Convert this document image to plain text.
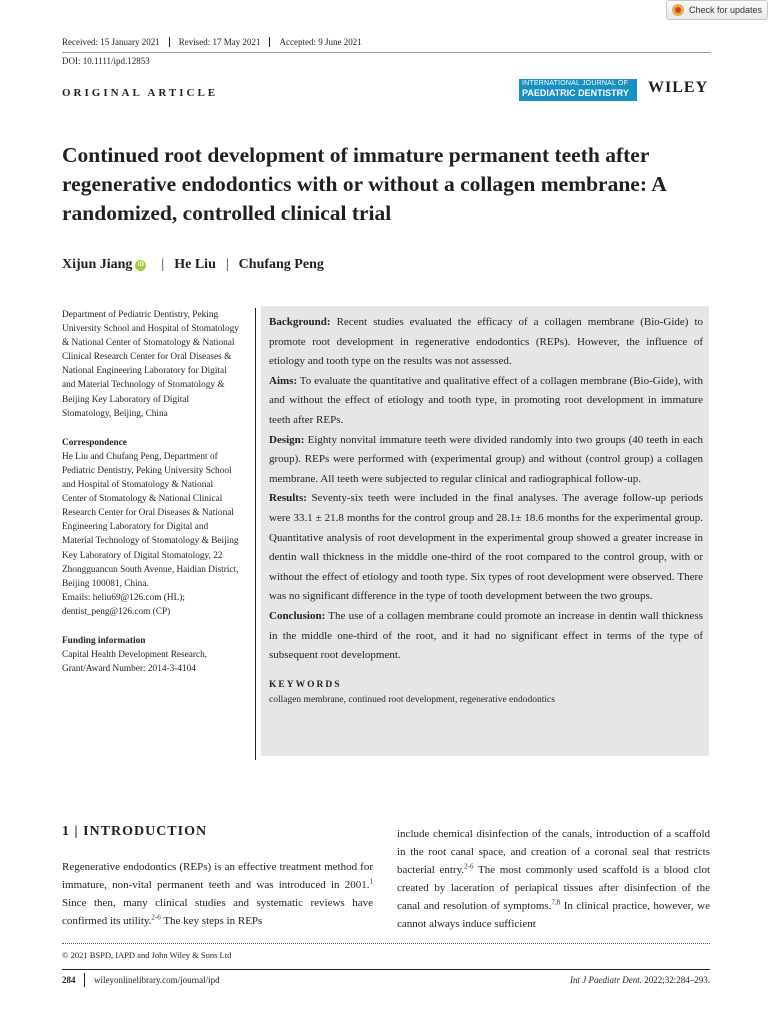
Check for updates
Received: 15 January 2021	Revised: 17 May 2021	Accepted: 9 June 2021
DOI: 10.1111/ipd.12853
ORIGINAL ARTICLE
INTERNATIONAL JOURNAL OF
PAEDIATRIC DENTISTRY	WILEY
Continued root development of immature permanent teeth after regenerative endodontics with or without a collagen membrane: A randomized, controlled clinical trial
Xijun Jiang iD | He Liu | Chufang Peng

Department of Pediatric Dentistry, Peking University School and Hospital of Stomatology & National Center of Stomatology & National Clinical Research Center for Oral Diseases & National Engineering Laboratory for Digital and Material Technology of Stomatology & Beijing Key Laboratory of Digital Stomatology, Beijing, China

Correspondence
He Liu and Chufang Peng, Department of Pediatric Dentistry, Peking University School and Hospital of Stomatology & National Center of Stomatology & National Clinical Research Center for Oral Diseases & National Engineering Laboratory for Digital and Material Technology of Stomatology & Beijing Key Laboratory of Digital Stomatology, 22 Zhongguancun South Avenue, Haidian District, Beijing 100081, China.
Emails: heliu69@126.com (HL); dentist_peng@126.com (CP)

Funding information
Capital Health Development Research, Grant/Award Number: 2014-3-4104

Background: Recent studies evaluated the efficacy of a collagen membrane (Bio-Gide) to promote root development in regenerative endodontics (REPs). However, the influence of etiology and tooth type on the results was not assessed.

Aims: To evaluate the quantitative and qualitative effect of a collagen membrane (Bio-Gide), with and without the effect of etiology and tooth type, in promoting root development in immature teeth after REPs.

Design: Eighty nonvital immature teeth were divided randomly into two groups (40 teeth in each group). REPs were performed with (experimental group) and without (control group) a collagen membrane. All teeth were subjected to regular clinical and radiographical follow-up.

Results: Seventy-six teeth were included in the final analyses. The average follow-up periods were 33.1 ± 21.8 months for the control group and 28.1± 18.6 months for the experimental group. Quantitative analysis of root development in the experimental group showed a greater increase in dentin wall thickness in the middle one-third of the root compared to the control group, with or without the effect of etiology and tooth type. Six types of root development were observed. There was no significant difference in the type of tooth development between the two groups.

Conclusion: The use of a collagen membrane could promote an increase in dentin wall thickness in the middle one-third of the root, and it had no significant effect in terms of the type of subsequent root development.

KEYWORDS

collagen membrane, continued root development, regenerative endodontics

1 | INTRODUCTION
Regenerative endodontics (REPs) is an effective treatment method for immature, non-vital permanent teeth and was introduced in 2001.$^1$ Since then, many clinical studies and systematic reviews have confirmed its utility.$^{2-6}$ The key steps in REPs
include chemical disinfection of the canals, introduction of a scaffold in the root canal space, and creation of a coronal seal that restricts bacterial entry.$^{2-6}$ The most commonly used scaffold is a blood clot created by laceration of periapical tissues after disinfection of the canal and resolution of symptoms.$^{7,8}$ In clinical practice, however, we cannot always induce sufficient
© 2021 BSPD, IAPD and John Wiley & Sons Ltd
284 wileyonlinelibrary.com/journal/ipd	Int J Paediatr Dent. 2022;32:284–293.
